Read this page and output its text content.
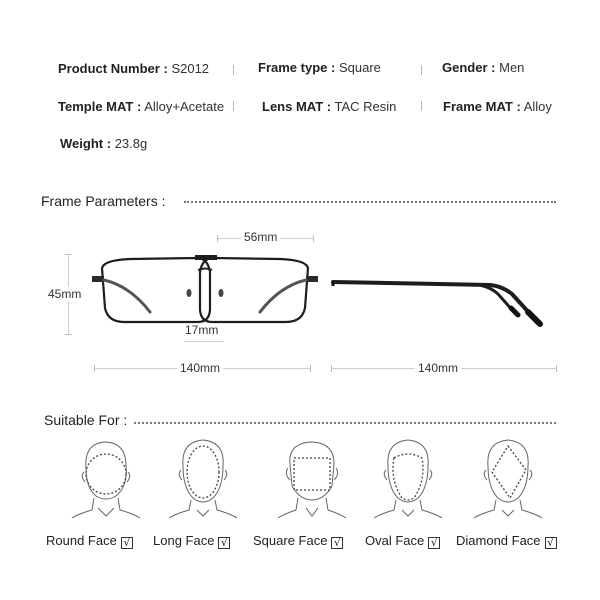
Product Number : S2012	Frame type : Square	Gender : Men
Temple MAT : Alloy+Acetate	Lens MAT : TAC Resin	Frame MAT : Alloy
Weight : 23.8g
Frame Parameters :
56mm
45mm
17mm
140mm	140mm
Suitable For :
Round Face √ Long Face √ Square Face √ Oval Face √ Diamond Face √
